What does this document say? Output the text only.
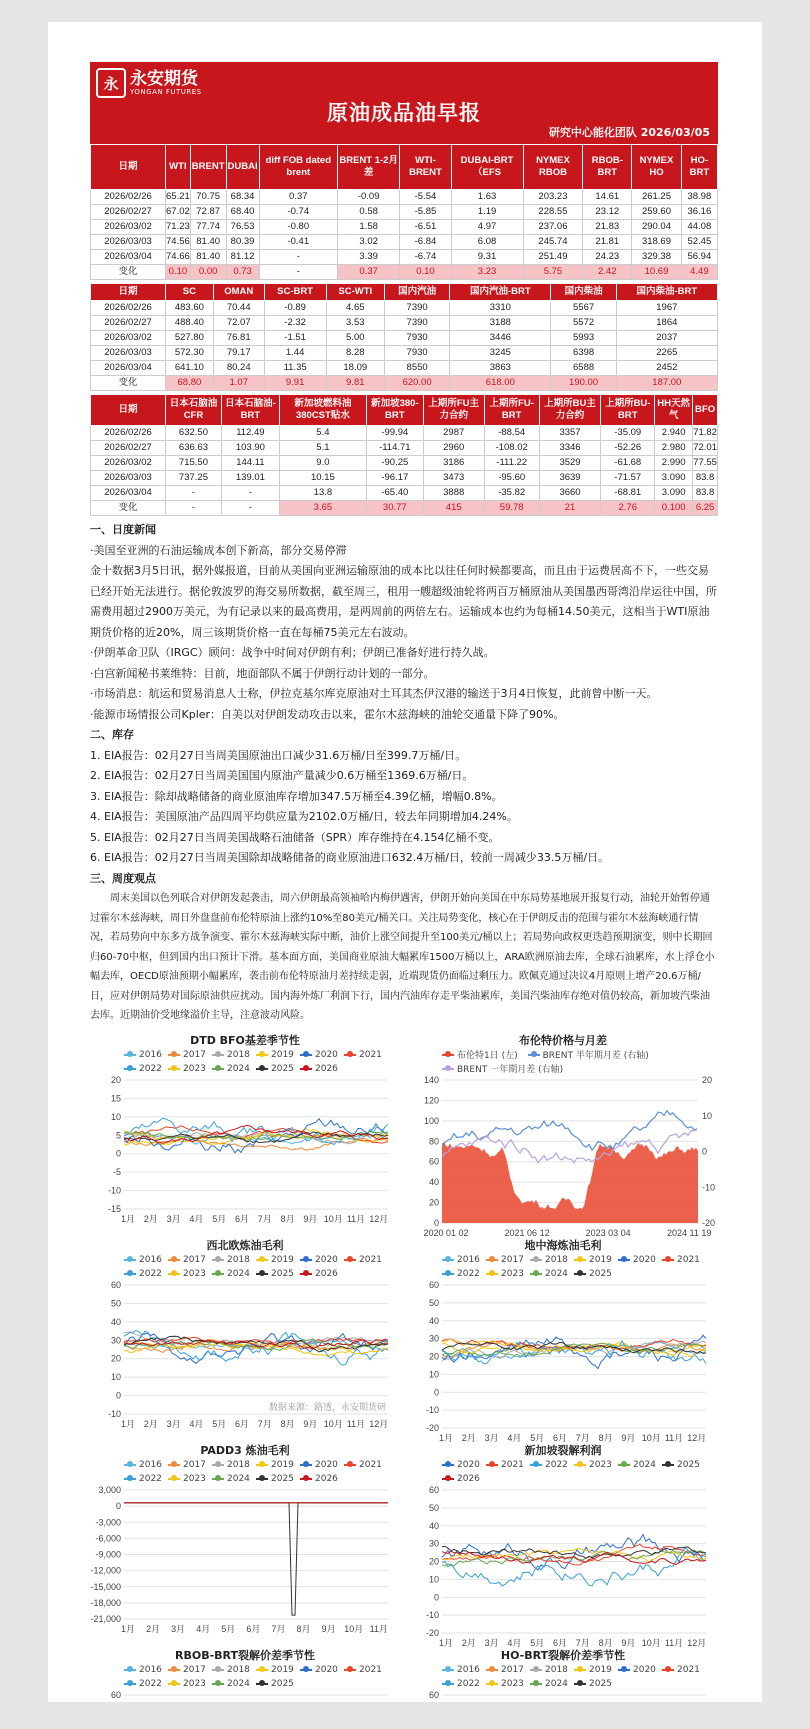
永 永安期货
YONGAN FUTURES
原油成品油早报
研究中心能化团队 2026/03/05
日期	WTI	BRENT	DUBAI	diff FOB dated brent	BRENT 1-2月差	WTI-BRENT	DUBAI-BRT（EFS	NYMEX RBOB	RBOB-BRT	NYMEX HO	HO-BRT
2026/02/26	65.21	70.75	68.34	0.37	-0.09	-5.54	1.63	203.23	14.61	261.25	38.98
2026/02/27	67.02	72.87	68.40	-0.74	0.58	-5.85	1.19	228.55	23.12	259.60	36.16
2026/03/02	71.23	77.74	76.53	-0.80	1.58	-6.51	4.97	237.06	21.83	290.04	44.08
2026/03/03	74.56	81.40	80.39	-0.41	3.02	-6.84	6.08	245.74	21.81	318.69	52.45
2026/03/04	74.66	81.40	81.12	-	3.39	-6.74	9.31	251.49	24.23	329.38	56.94
变化	0.10	0.00	0.73	-	0.37	0.10	3.23	5.75	2.42	10.69	4.49
日期	SC	OMAN	SC-BRT	SC-WTI	国内汽油	国内汽油-BRT	国内柴油	国内柴油-BRT
2026/02/26	483.60	70.44	-0.89	4.65	7390	3310	5567	1967
2026/02/27	488.40	72.07	-2.32	3.53	7390	3188	5572	1864
2026/03/02	527.80	76.81	-1.51	5.00	7930	3446	5993	2037
2026/03/03	572.30	79.17	1.44	8.28	7930	3245	6398	2265
2026/03/04	641.10	80.24	11.35	18.09	8550	3863	6588	2452
变化	68.80	1.07	9.91	9.81	620.00	618.00	190.00	187.00
日期	日本石脑油CFR	日本石脑油-BRT	新加坡燃料油380CST贴水	新加坡380-BRT	上期所FU主力合约	上期所FU-BRT	上期所BU主力合约	上期所BU-BRT	HH天然气	BFO
2026/02/26	632.50	112.49	5.4	-99.94	2987	-88.54	3357	-35.09	2.940	71.82
2026/02/27	636.63	103.90	5.1	-114.71	2960	-108.02	3346	-52.26	2.980	72.01
2026/03/02	715.50	144.11	9.0	-90.25	3186	-111.22	3529	-61.68	2.990	77.55
2026/03/03	737.25	139.01	10.15	-96.17	3473	-95.60	3639	-71.57	3.090	83.8
2026/03/04	-	-	13.8	-65.40	3888	-35.82	3660	-68.81	3.090	83.8
变化	-	-	3.65	30.77	415	59.78	21	2.76	0.100	6.25

一、日度新闻

·美国至亚洲的石油运输成本创下新高，部分交易停滞

金十数据3月5日讯，据外媒报道，目前从美国向亚洲运输原油的成本比以往任何时候都要高，而且由于运费居高不下，一些交易已经开始无法进行。据伦敦波罗的海交易所数据，截至周三，租用一艘超级油轮将两百万桶原油从美国墨西哥湾沿岸运往中国，所需费用超过2900万美元，为有记录以来的最高费用，是两周前的两倍左右。运输成本也约为每桶14.50美元，这相当于WTI原油期货价格的近20%，周三该期货价格一直在每桶75美元左右波动。

·伊朗革命卫队（IRGC）顾问：战争中时间对伊朗有利；伊朗已准备好进行持久战。

·白宫新闻秘书莱维特：目前，地面部队不属于伊朗行动计划的一部分。

·市场消息：航运和贸易消息人士称，伊拉克基尔库克原油对土耳其杰伊汉港的输送于3月4日恢复，此前曾中断一天。

·能源市场情报公司Kpler：自美以对伊朗发动攻击以来，霍尔木兹海峡的油轮交通量下降了90%。

二、库存

1. EIA报告：02月27日当周美国原油出口减少31.6万桶/日至399.7万桶/日。

2. EIA报告：02月27日当周美国国内原油产量减少0.6万桶至1369.6万桶/日。

3. EIA报告：除却战略储备的商业原油库存增加347.5万桶至4.39亿桶，增幅0.8%。

4. EIA报告：美国原油产品四周平均供应量为2102.0万桶/日，较去年同期增加4.24%。

5. EIA报告：02月27日当周美国战略石油储备（SPR）库存维持在4.154亿桶不变。

6. EIA报告：02月27日当周美国除却战略储备的商业原油进口632.4万桶/日，较前一周减少33.5万桶/日。

三、周度观点

周末美国以色列联合对伊朗发起袭击，周六伊朗最高领袖哈内梅伊遇害，伊朗开始向美国在中东局势基地展开报复行动，油轮开始暂停通过霍尔木兹海峡，周日外盘盘前布伦特原油上涨约10%至80美元/桶关口。关注局势变化，核心在于伊朗反击的范围与霍尔木兹海峡通行情况，若局势向中东多方战争演变、霍尔木兹海峡实际中断，油价上涨空间提升至100美元/桶以上；若局势向政权更迭趋预期演变，则中长期回归60-70中枢，但到国内出口预计下滑。基本面方面，美国商业原油大幅累库1500万桶以上，ARA欧洲原油去库，全球石油累库，水上浮仓小幅去库，OECD原油预期小幅累库，袭击前布伦特原油月差持续走弱，近端现货仍面临过剩压力。欧佩克通过决议4月原则上增产20.6万桶/日，应对伊朗局势对国际原油供应扰动。国内海外炼厂利润下行，国内汽油库存走平柴油累库，美国汽柴油库存绝对值仍较高，新加坡汽柴油去库。近期油价受地缘溢价主导，注意波动风险。

DTD BFO基差季节性
2016 2017 2018 2019 2020 2021
2022 2023 2024 2025 2026
20
15
10
5
0
-5
-10
-15
1月 2月 3月 4月 5月 6月 7月 8月 9月 10月 11月 12月
布伦特价格与月差
布伦特1日 (左)	BRENT 半年期月差 (右轴)
BRENT 一年期月差 (右轴)
140
120
100
80
60
40
20
0
20
10
0
-10
-20
2020 01 02	2021 06 12	2023 03 04	2024 11 19
西北欧炼油毛利
2016 2017 2018 2019 2020 2021
2022 2023 2024 2025 2026
60
50
40
30
20
10
0
-10
1月 2月 3月 4月 5月 6月 7月 8月 9月 10月 11月 12月
数据来源：路透，永安期货研
地中海炼油毛利
2016 2017 2018 2019 2020 2021
2022 2023 2024 2025
60
50
40
30
20
10
0
-10
-20
1月 2月 3月 4月 5月 6月 7月 8月 9月 10月 11月 12月
PADD3 炼油毛利
2016 2017 2018 2019 2020 2021
2022 2023 2024 2025 2026
3,000
0
-3,000
-6,000
-9,000
-12,000
-15,000
-18,000
-21,000
1月 2月 3月 4月 5月 6月 7月 8月 9月 10月 11月
新加坡裂解利润
2020 2021 2022 2023 2024 2025
2026
60
50
40
30
20
10
0
-10
-20
1月 2月 3月 4月 5月 6月 7月 8月 9月 10月 11月 12月
RBOB-BRT裂解价差季节性
2016 2017 2018 2019 2020 2021
2022 2023 2024 2025
60
HO-BRT裂解价差季节性
2016 2017 2018 2019 2020 2021
2022 2023 2024 2025
60
